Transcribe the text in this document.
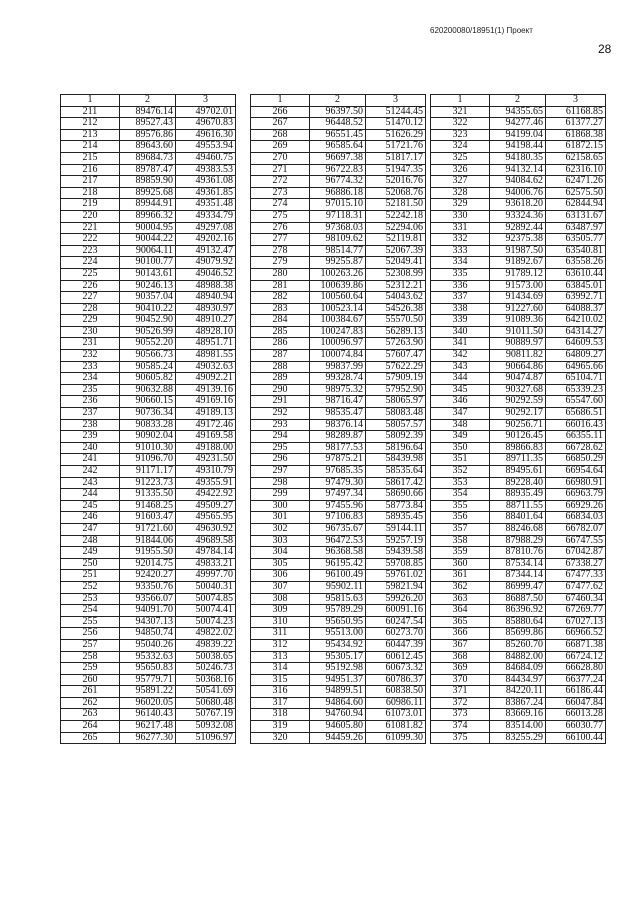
620200080/18951(1) Проект
28
1	2	3
211	89476.14	49702.01
212	89527.43	49670.83
213	89576.86	49616.30
214	89643.60	49553.94
215	89684.73	49460.75
216	89787.47	49383.53
217	89859.90	49361.08
218	89925.68	49361.85
219	89944.91	49351.48
220	89966.32	49334.79
221	90004.95	49297.08
222	90044.22	49202.16
223	90064.11	49132.47
224	90100.77	49079.92
225	90143.61	49046.52
226	90246.13	48988.38
227	90357.04	48940.94
228	90410.22	48930.97
229	90452.90	48910.27
230	90526.99	48928.10
231	90552.20	48951.71
232	90566.73	48981.55
233	90585.24	49032.63
234	90605.82	49092.21
235	90632.88	49139.16
236	90660.15	49169.16
237	90736.34	49189.13
238	90833.28	49172.46
239	90902.04	49169.58
240	91010.30	49188.00
241	91096.70	49231.50
242	91171.17	49310.79
243	91223.73	49355.91
244	91335.50	49422.92
245	91468.25	49509.27
246	91603.47	49565.95
247	91721.60	49630.92
248	91844.06	49689.58
249	91955.50	49784.14
250	92014.75	49833.21
251	92420.27	49997.70
252	93350.76	50040.31
253	93566.07	50074.85
254	94091.70	50074.41
255	94307.13	50074.23
256	94850.74	49822.02
257	95040.26	49839.22
258	95332.63	50038.65
259	95650.83	50246.73
260	95779.71	50368.16
261	95891.22	50541.69
262	96020.05	50680.48
263	96140.43	50767.19
264	96217.48	50932.08
265	96277.30	51096.97
1	2	3
266	96397.50	51244.45
267	96448.52	51470.12
268	96551.45	51626.29
269	96585.64	51721.76
270	96697.38	51817.17
271	96722.83	51947.35
272	96774.32	52016.76
273	96886.18	52068.76
274	97015.10	52181.50
275	97118.31	52242.18
276	97368.03	52294.06
277	98109.62	52119.81
278	98514.77	52067.39
279	99255.87	52049.41
280	100263.26	52308.99
281	100639.86	52312.21
282	100560.64	54043.62
283	100523.14	54526.38
284	100384.67	55570.50
285	100247.83	56289.13
286	100096.97	57263.90
287	100074.84	57607.47
288	99837.99	57622.29
289	99328.74	57909.19
290	98975.32	57952.90
291	98716.47	58065.97
292	98535.47	58083.48
293	98376.14	58057.57
294	98289.87	58092.39
295	98177.53	58196.64
296	97875.21	58439.98
297	97685.35	58535.64
298	97479.30	58617.42
299	97497.34	58690.66
300	97455.96	58773.84
301	97106.83	58935.45
302	96735.67	59144.11
303	96472.53	59257.19
304	96368.58	59439.58
305	96195.42	59708.85
306	96100.49	59761.02
307	95902.11	59821.94
308	95815.63	59926.20
309	95789.29	60091.16
310	95650.95	60247.54
311	95513.00	60273.70
312	95434.92	60447.39
313	95305.17	60612.45
314	95192.98	60673.32
315	94951.37	60786.37
316	94899.51	60838.50
317	94864.60	60986.11
318	94760.94	61073.01
319	94605.80	61081.82
320	94459.26	61099.30
1	2	3
321	94355.65	61168.85
322	94277.46	61377.27
323	94199.04	61868.38
324	94198.44	61872.15
325	94180.35	62158.65
326	94132.14	62316.10
327	94084.62	62471.26
328	94006.76	62575.50
329	93618.20	62844.94
330	93324.36	63131.67
331	92892.44	63487.97
332	92375.38	63505.77
333	91987.50	63540.81
334	91892.67	63558.26
335	91789.12	63610.44
336	91573.00	63845.01
337	91434.69	63992.71
338	91227.60	64088.37
339	91089.36	64210.02
340	91011.50	64314.27
341	90889.97	64609.53
342	90811.82	64809.27
343	90664.86	64965.66
344	90474.87	65104.71
345	90327.68	65339.23
346	90292.59	65547.60
347	90292.17	65686.51
348	90256.71	66016.43
349	90126.45	66355.11
350	89866.83	66728.62
351	89711.35	66850.29
352	89495.61	66954.64
353	89228.40	66980.91
354	88935.49	66963.79
355	88711.55	66929.26
356	88401.64	66834.03
357	88246.68	66782.07
358	87988.29	66747.55
359	87810.76	67042.87
360	87534.14	67338.27
361	87344.14	67477.33
362	86999.47	67477.62
363	86887.50	67460.34
364	86396.92	67269.77
365	85880.64	67027.13
366	85699.86	66966.52
367	85260.70	66871.38
368	84882.00	66724.12
369	84684.09	66628.80
370	84434.97	66377.24
371	84220.11	66186.44
372	83867.24	66047.84
373	83669.16	66013.28
374	83514.00	66030.77
375	83255.29	66100.44
